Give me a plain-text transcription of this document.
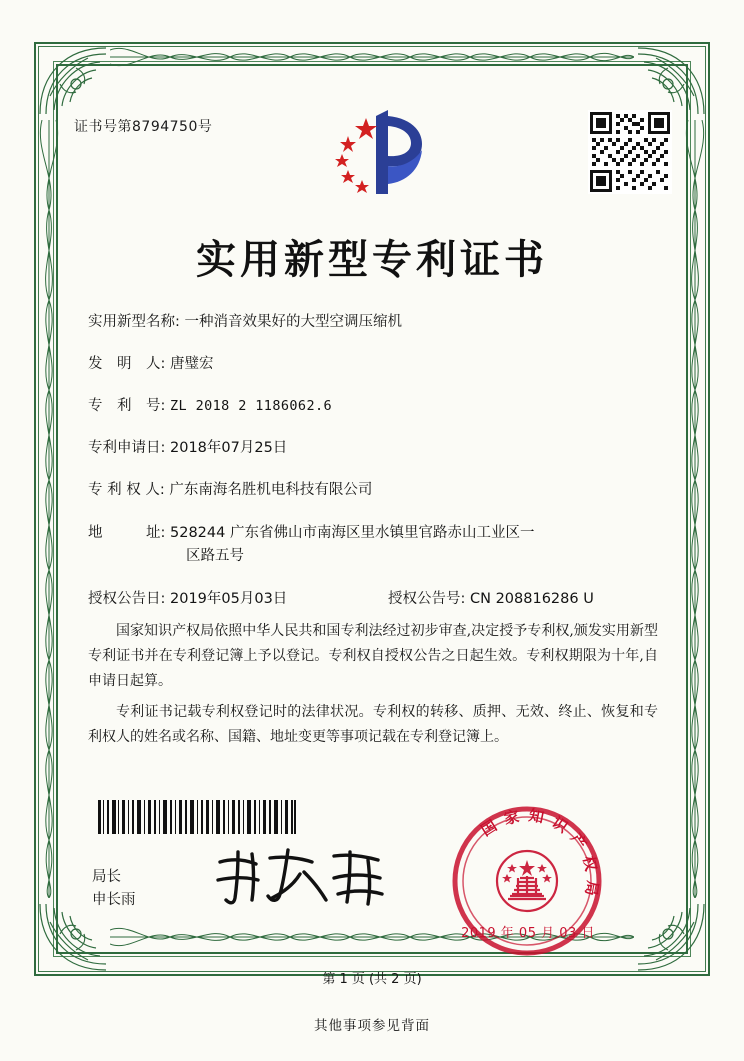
证书号第8794750号
实用新型专利证书
实用新型名称: 一种消音效果好的大型空调压缩机
发　明　人: 唐璧宏
专　利　号: ZL 2018 2 1186062.6
专利申请日: 2018年07月25日
专 利 权 人: 广东南海名胜机电科技有限公司
地　　　址: 528244 广东省佛山市南海区里水镇里官路赤山工业区一
区路五号
授权公告日: 2019年05月03日	授权公告号: CN 208816286 U

国家知识产权局依照中华人民共和国专利法经过初步审查,决定授予专利权,颁发实用新型专利证书并在专利登记簿上予以登记。专利权自授权公告之日起生效。专利权期限为十年,自申请日起算。

专利证书记载专利权登记时的法律状况。专利权的转移、质押、无效、终止、恢复和专利权人的姓名或名称、国籍、地址变更等事项记载在专利登记簿上。

国家知识产权局
2019 年 05 月 03 日
局长
申长雨
第 1 页 (共 2 页)
其他事项参见背面
